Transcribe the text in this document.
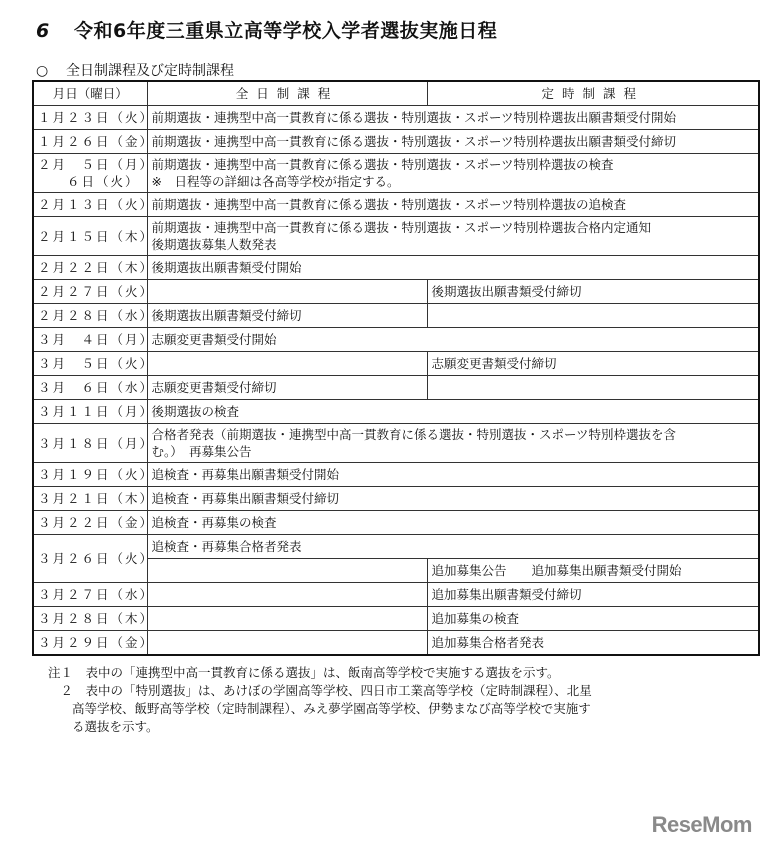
6 令和6年度三重県立高等学校入学者選抜実施日程
○ 全日制課程及び定時制課程
月日（曜日）	全日制課程	定時制課程

１月２３日（火）	前期選抜・連携型中高一貫教育に係る選抜・特別選抜・スポーツ特別枠選抜出願書類受付開始	

１月２６日（金）	前期選抜・連携型中高一貫教育に係る選抜・特別選抜・スポーツ特別枠選抜出願書類受付締切	

２月　５日（月）
　　６日（火）	前期選抜・連携型中高一貫教育に係る選抜・特別選抜・スポーツ特別枠選抜の検査
※　日程等の詳細は各高等学校が指定する。	

２月１３日（火）	前期選抜・連携型中高一貫教育に係る選抜・特別選抜・スポーツ特別枠選抜の追検査	

２月１５日（木）	前期選抜・連携型中高一貫教育に係る選抜・特別選抜・スポーツ特別枠選抜合格内定通知
後期選抜募集人数発表	

２月２２日（木）	後期選抜出願書類受付開始	

２月２７日（火）		後期選抜出願書類受付締切

２月２８日（水）	後期選抜出願書類受付締切	

３月　４日（月）	志願変更書類受付開始	

３月　５日（火）		志願変更書類受付締切

３月　６日（水）	志願変更書類受付締切	

３月１１日（月）	後期選抜の検査	

３月１８日（月）	合格者発表（前期選抜・連携型中高一貫教育に係る選抜・特別選抜・スポーツ特別枠選抜を含
む。）　再募集公告	

３月１９日（火）	追検査・再募集出願書類受付開始	

３月２１日（木）	追検査・再募集出願書類受付締切	

３月２２日（金）	追検査・再募集の検査	

３月２６日（火）	追検査・再募集合格者発表	

		追加募集公告　　追加募集出願書類受付開始

３月２７日（水）		追加募集出願書類受付締切

３月２８日（木）		追加募集の検査

３月２９日（金）		追加募集合格者発表
注１　表中の「連携型中高一貫教育に係る選抜」は、飯南高等学校で実施する選抜を示す。
　２　表中の「特別選抜」は、あけぼの学園高等学校、四日市工業高等学校（定時制課程）、北星
高等学校、飯野高等学校（定時制課程）、みえ夢学園高等学校、伊勢まなび高等学校で実施す
る選抜を示す。
ReseMom
